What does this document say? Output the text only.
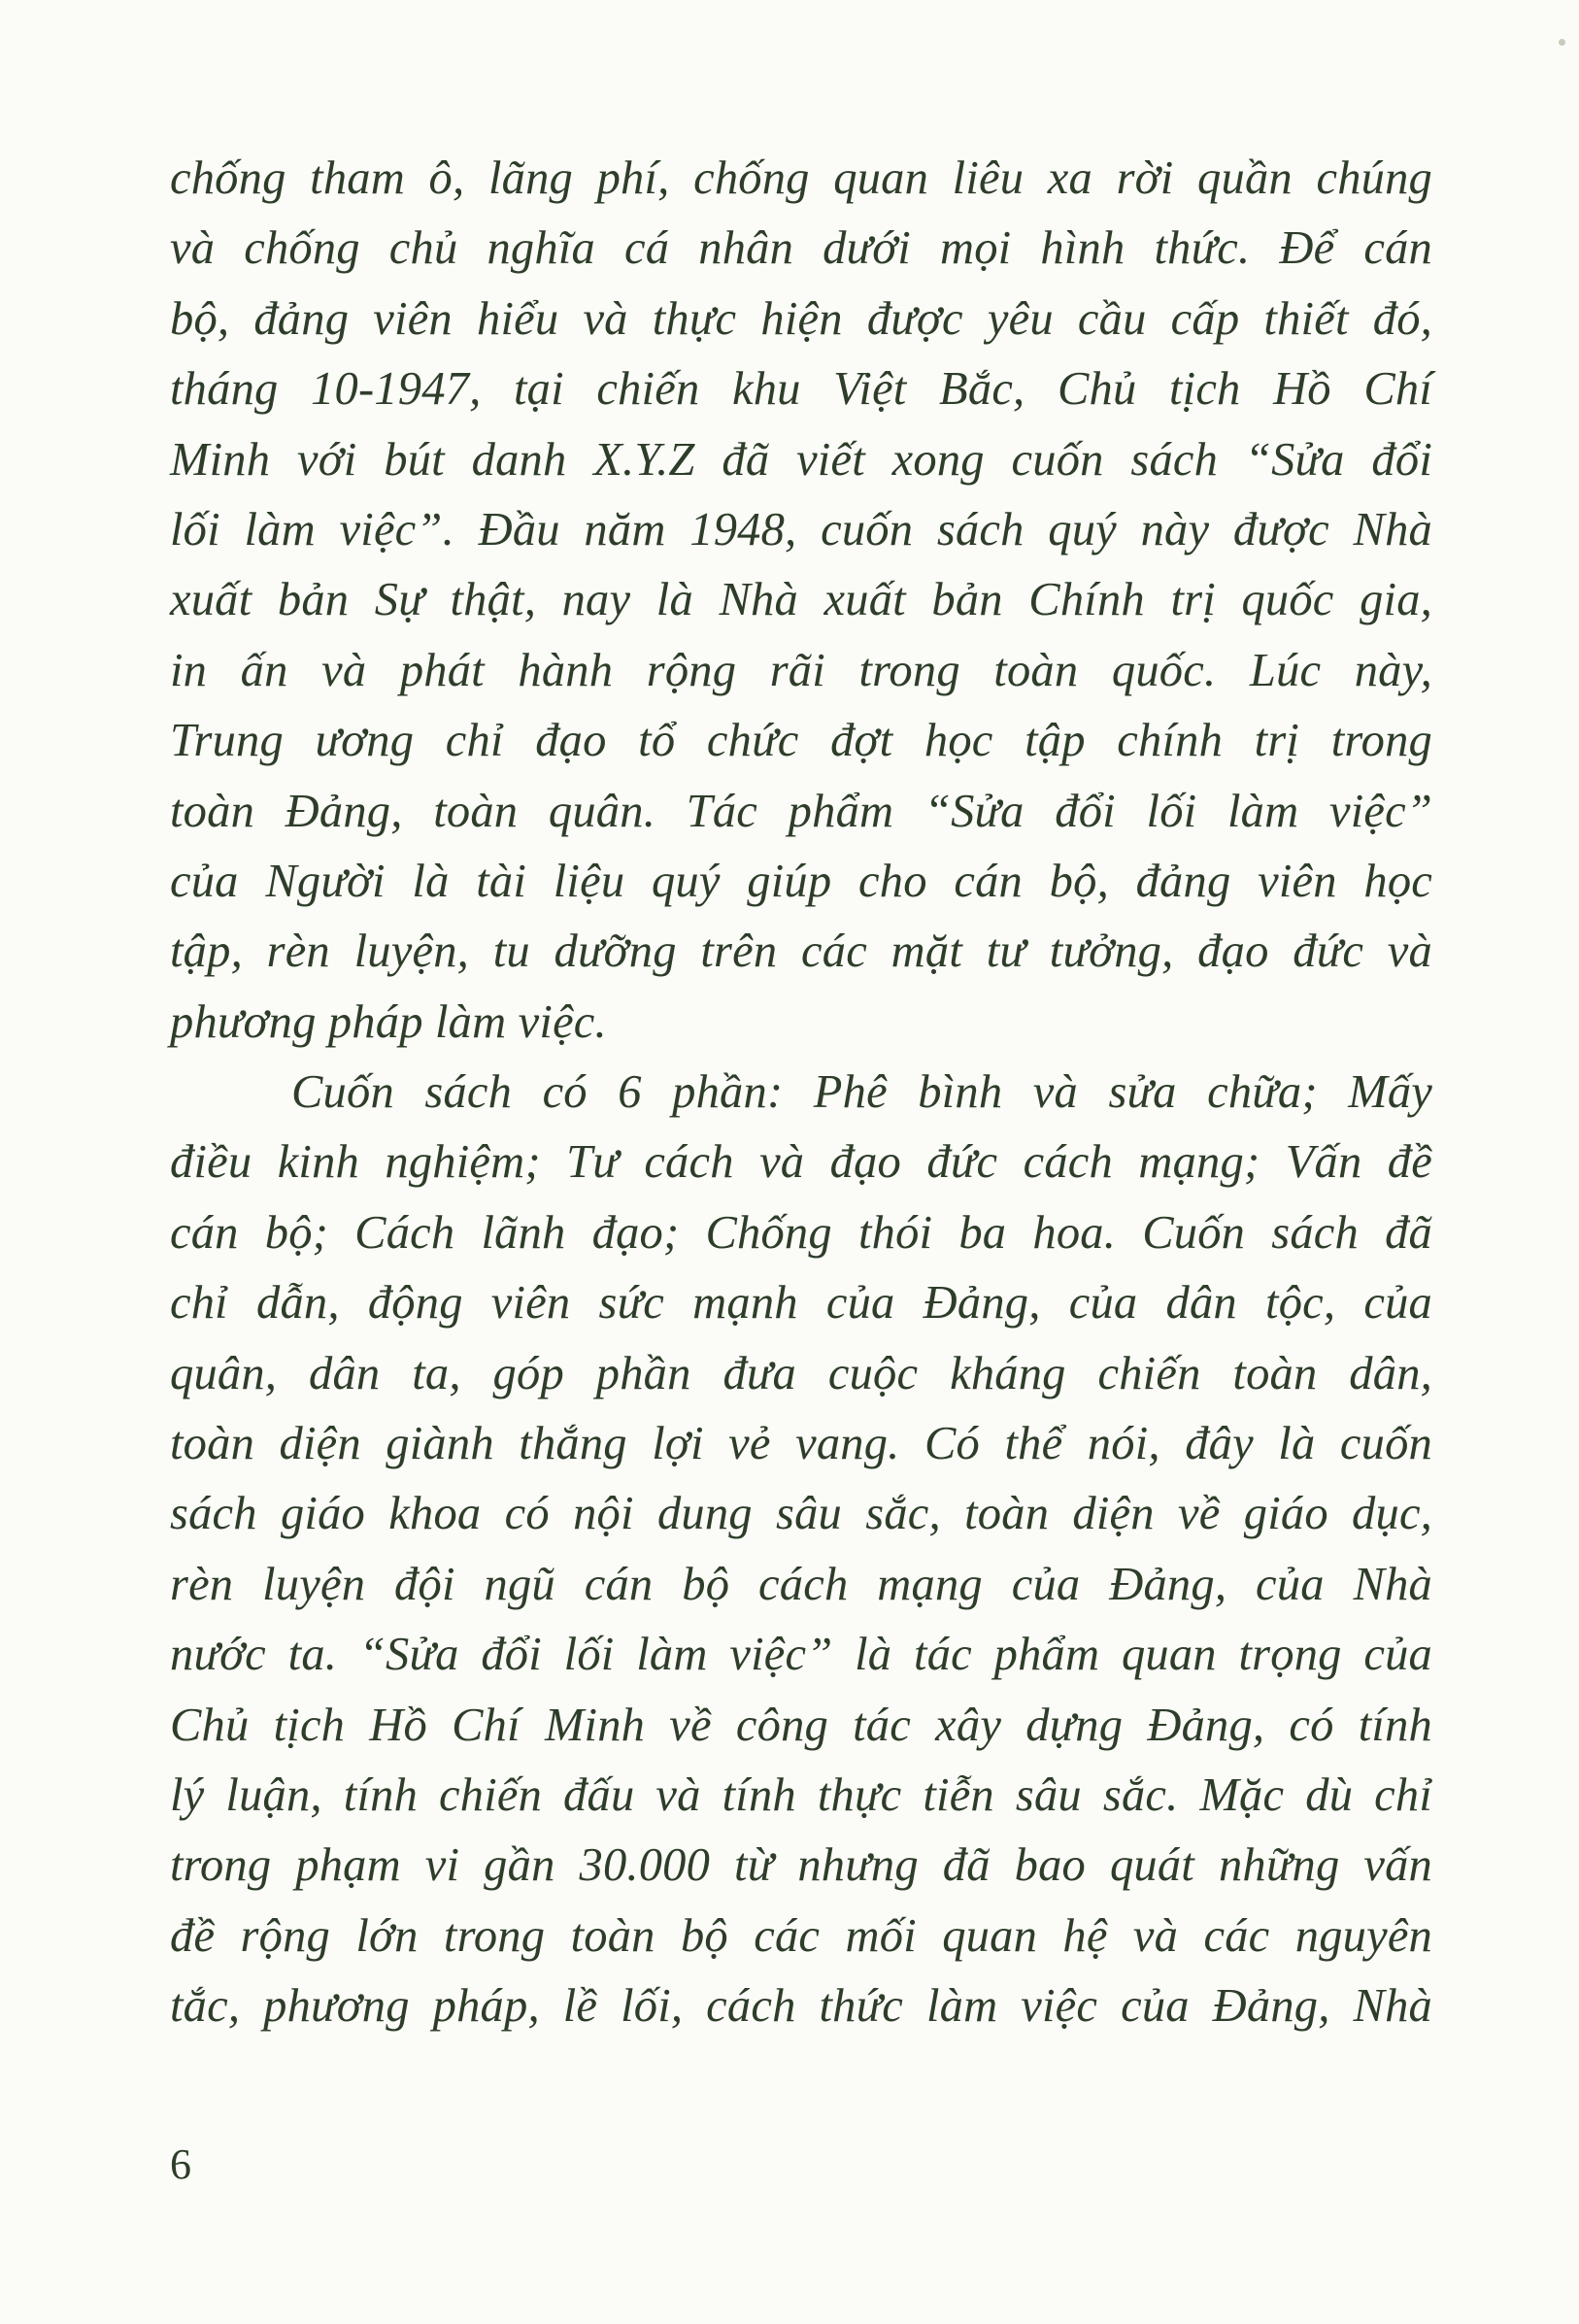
chống tham ô, lãng phí, chống quan liêu xa rời quần chúng
và chống chủ nghĩa cá nhân dưới mọi hình thức. Để cán
bộ, đảng viên hiểu và thực hiện được yêu cầu cấp thiết đó,
tháng 10-1947, tại chiến khu Việt Bắc, Chủ tịch Hồ Chí
Minh với bút danh X.Y.Z đã viết xong cuốn sách “Sửa đổi
lối làm việc”. Đầu năm 1948, cuốn sách quý này được Nhà
xuất bản Sự thật, nay là Nhà xuất bản Chính trị quốc gia,
in ấn và phát hành rộng rãi trong toàn quốc. Lúc này,
Trung ương chỉ đạo tổ chức đợt học tập chính trị trong
toàn Đảng, toàn quân. Tác phẩm “Sửa đổi lối làm việc”
của Người là tài liệu quý giúp cho cán bộ, đảng viên học
tập, rèn luyện, tu dưỡng trên các mặt tư tưởng, đạo đức và
phương pháp làm việc.
Cuốn sách có 6 phần: Phê bình và sửa chữa; Mấy
điều kinh nghiệm; Tư cách và đạo đức cách mạng; Vấn đề
cán bộ; Cách lãnh đạo; Chống thói ba hoa. Cuốn sách đã
chỉ dẫn, động viên sức mạnh của Đảng, của dân tộc, của
quân, dân ta, góp phần đưa cuộc kháng chiến toàn dân,
toàn diện giành thắng lợi vẻ vang. Có thể nói, đây là cuốn
sách giáo khoa có nội dung sâu sắc, toàn diện về giáo dục,
rèn luyện đội ngũ cán bộ cách mạng của Đảng, của Nhà
nước ta. “Sửa đổi lối làm việc” là tác phẩm quan trọng của
Chủ tịch Hồ Chí Minh về công tác xây dựng Đảng, có tính
lý luận, tính chiến đấu và tính thực tiễn sâu sắc. Mặc dù chỉ
trong phạm vi gần 30.000 từ nhưng đã bao quát những vấn
đề rộng lớn trong toàn bộ các mối quan hệ và các nguyên
tắc, phương pháp, lề lối, cách thức làm việc của Đảng, Nhà
6
